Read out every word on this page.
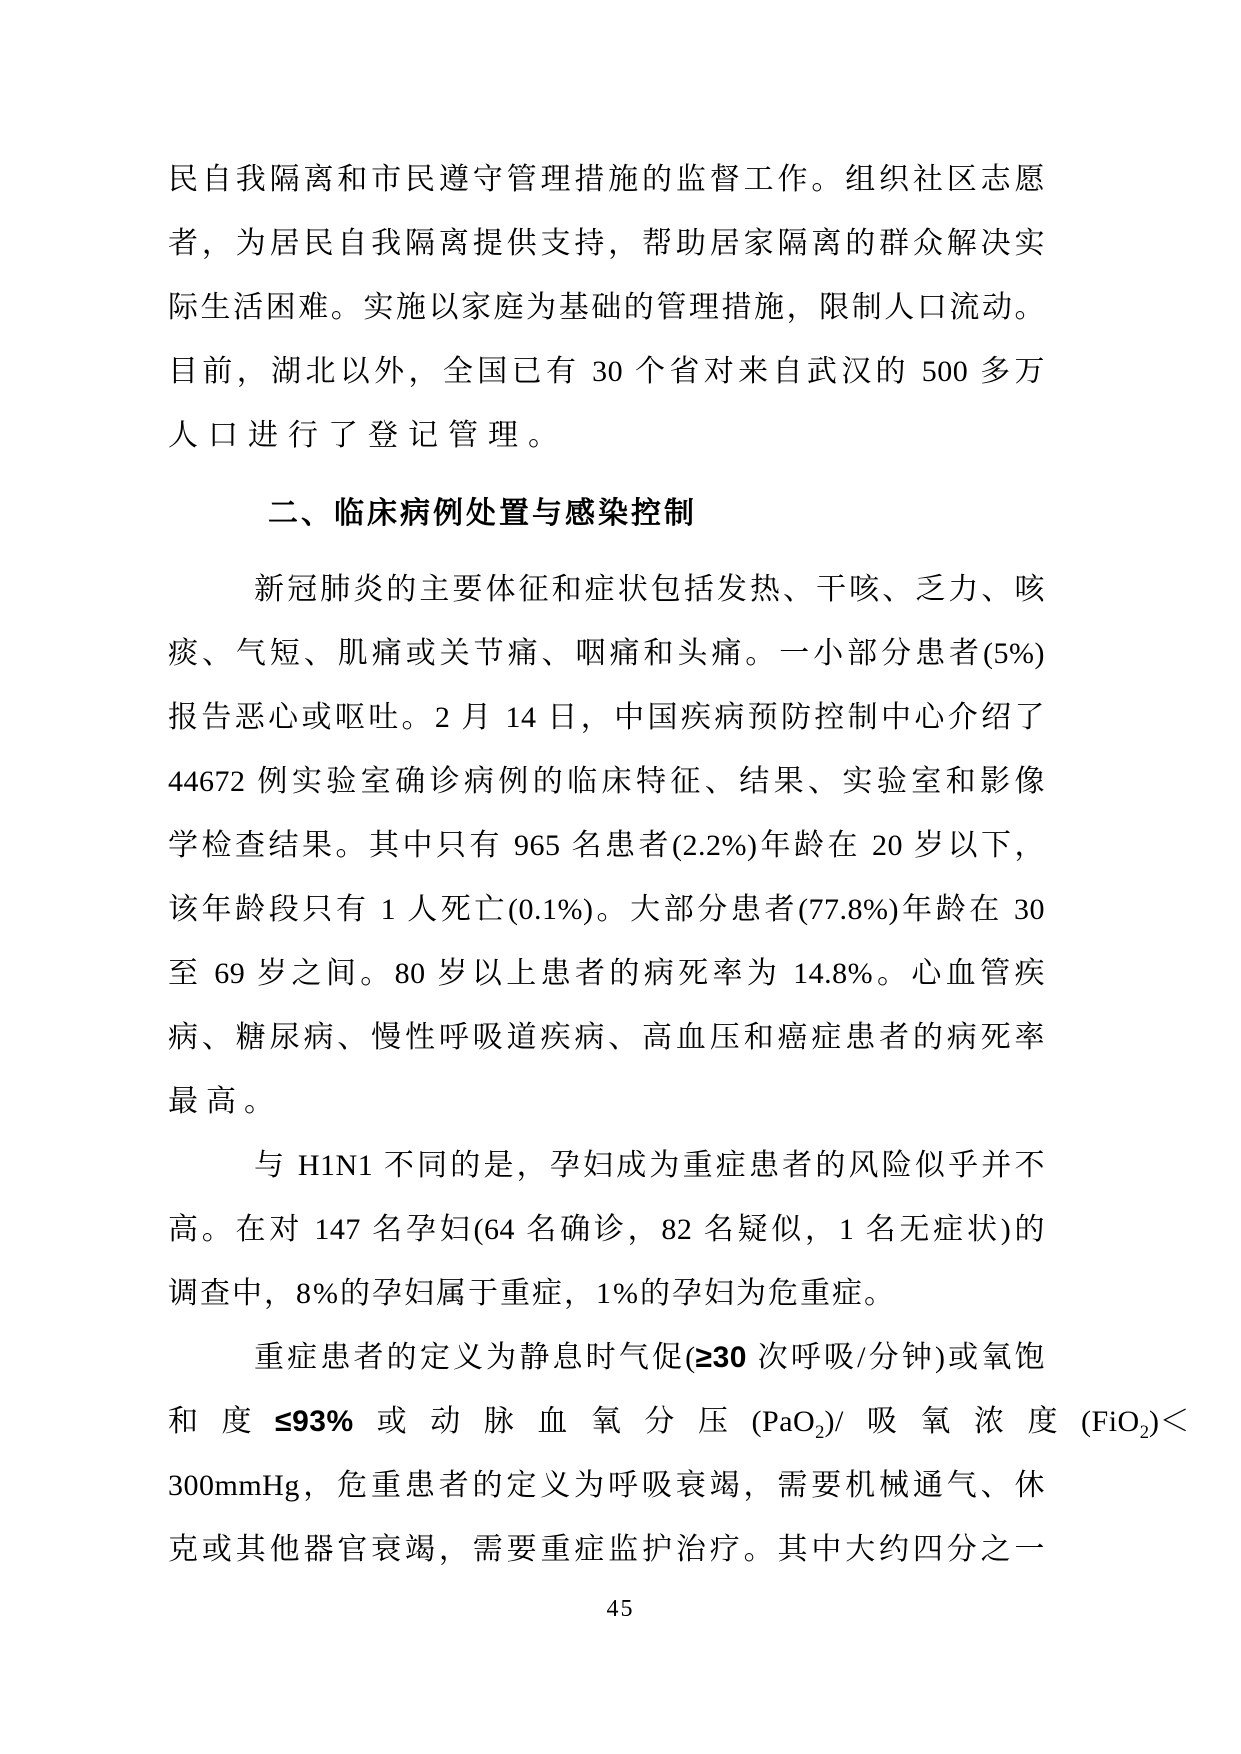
民自我隔离和市民遵守管理措施的监督工作。组织社区志愿
者，为居民自我隔离提供支持，帮助居家隔离的群众解决实
际生活困难。实施以家庭为基础的管理措施，限制人口流动。
目前，湖北以外，全国已有 30 个省对来自武汉的 500 多万
人口进行了登记管理。
二、临床病例处置与感染控制
新冠肺炎的主要体征和症状包括发热、干咳、乏力、咳
痰、气短、肌痛或关节痛、咽痛和头痛。一小部分患者(5%)
报告恶心或呕吐。2 月 14 日，中国疾病预防控制中心介绍了
44672 例实验室确诊病例的临床特征、结果、实验室和影像
学检查结果。其中只有 965 名患者(2.2%)年龄在 20 岁以下，
该年龄段只有 1 人死亡(0.1%)。大部分患者(77.8%)年龄在 30
至 69 岁之间。80 岁以上患者的病死率为 14.8%。心血管疾
病、糖尿病、慢性呼吸道疾病、高血压和癌症患者的病死率
最高。
与 H1N1 不同的是，孕妇成为重症患者的风险似乎并不
高。在对 147 名孕妇(64 名确诊，82 名疑似，1 名无症状)的
调查中，8%的孕妇属于重症，1%的孕妇为危重症。
重症患者的定义为静息时气促(≥30 次呼吸/分钟)或氧饱
和度≤93%或动脉血氧分压(PaO$_2$)/吸氧浓度(FiO$_2$)＜
300mmHg，危重患者的定义为呼吸衰竭，需要机械通气、休
克或其他器官衰竭，需要重症监护治疗。其中大约四分之一
45
